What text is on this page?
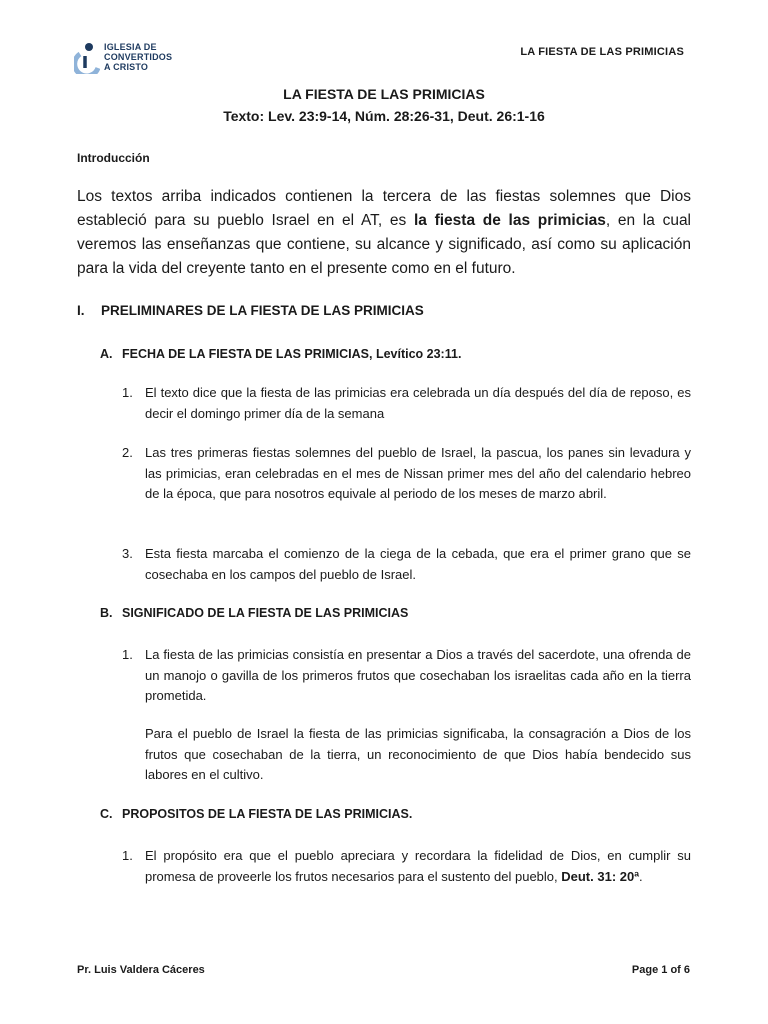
IGLESIA DE
CONVERTIDOS
A CRISTO
LA FIESTA DE LAS PRIMICIAS
LA FIESTA DE LAS PRIMICIAS
Texto: Lev. 23:9-14, Núm. 28:26-31, Deut. 26:1-16
Introducción
Los textos arriba indicados contienen la tercera de las fiestas solemnes que Dios estableció para su pueblo Israel en el AT, es la fiesta de las primicias, en la cual veremos las enseñanzas que contiene, su alcance y significado, así como su aplicación para la vida del creyente tanto en el presente como en el futuro.
I. PRELIMINARES DE LA FIESTA DE LAS PRIMICIAS
A. FECHA DE LA FIESTA DE LAS PRIMICIAS, Levítico 23:11.
1. El texto dice que la fiesta de las primicias era celebrada un día después del día de reposo, es decir el domingo primer día de la semana
2. Las tres primeras fiestas solemnes del pueblo de Israel, la pascua, los panes sin levadura y las primicias, eran celebradas en el mes de Nissan primer mes del año del calendario hebreo de la época, que para nosotros equivale al periodo de los meses de marzo abril.
3. Esta fiesta marcaba el comienzo de la ciega de la cebada, que era el primer grano que se cosechaba en los campos del pueblo de Israel.
B. SIGNIFICADO DE LA FIESTA DE LAS PRIMICIAS
1. La fiesta de las primicias consistía en presentar a Dios a través del sacerdote, una ofrenda de un manojo o gavilla de los primeros frutos que cosechaban los israelitas cada año en la tierra prometida.
Para el pueblo de Israel la fiesta de las primicias significaba, la consagración a Dios de los frutos que cosechaban de la tierra, un reconocimiento de que Dios había bendecido sus labores en el cultivo.
C. PROPOSITOS DE LA FIESTA DE LAS PRIMICIAS.
1. El propósito era que el pueblo apreciara y recordara la fidelidad de Dios, en cumplir su promesa de proveerle los frutos necesarios para el sustento del pueblo, Deut. 31: 20ª.
Pr. Luis Valdera Cáceres	Page 1 of 6
